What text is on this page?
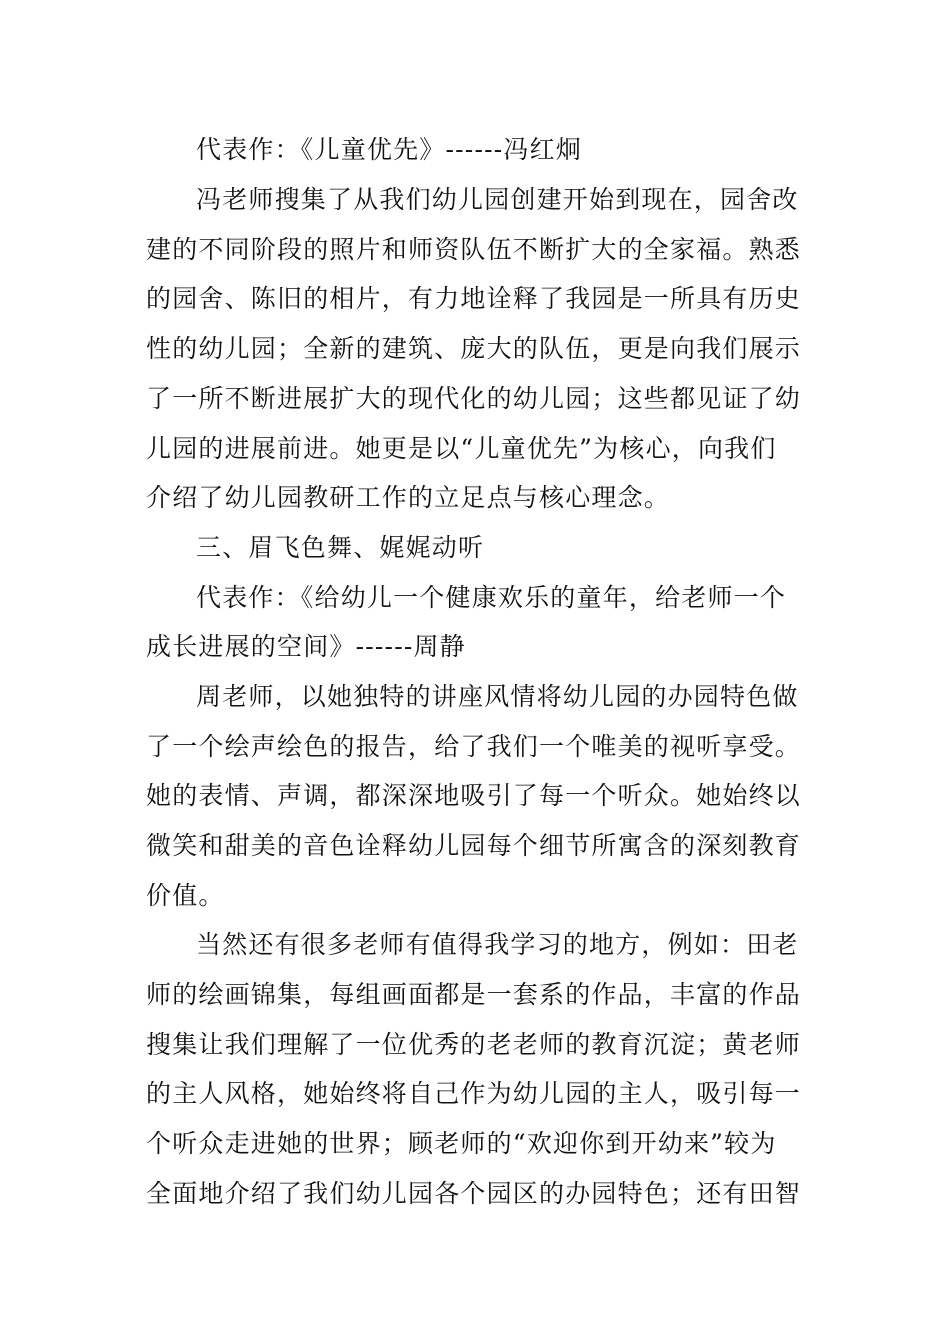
代表作：《儿童优先》------冯红炯
冯老师搜集了从我们幼儿园创建开始到现在，园舍改
建的不同阶段的照片和师资队伍不断扩大的全家福。熟悉
的园舍、陈旧的相片，有力地诠释了我园是一所具有历史
性的幼儿园；全新的建筑、庞大的队伍，更是向我们展示
了一所不断进展扩大的现代化的幼儿园；这些都见证了幼
儿园的进展前进。她更是以“儿童优先”为核心，向我们
介绍了幼儿园教研工作的立足点与核心理念。
三、眉飞色舞、娓娓动听
代表作：《给幼儿一个健康欢乐的童年，给老师一个
成长进展的空间》------周静
周老师，以她独特的讲座风情将幼儿园的办园特色做
了一个绘声绘色的报告，给了我们一个唯美的视听享受。
她的表情、声调，都深深地吸引了每一个听众。她始终以
微笑和甜美的音色诠释幼儿园每个细节所寓含的深刻教育
价值。
当然还有很多老师有值得我学习的地方，例如：田老
师的绘画锦集，每组画面都是一套系的作品，丰富的作品
搜集让我们理解了一位优秀的老老师的教育沉淀；黄老师
的主人风格，她始终将自己作为幼儿园的主人，吸引每一
个听众走进她的世界；顾老师的“欢迎你到开幼来”较为
全面地介绍了我们幼儿园各个园区的办园特色；还有田智
